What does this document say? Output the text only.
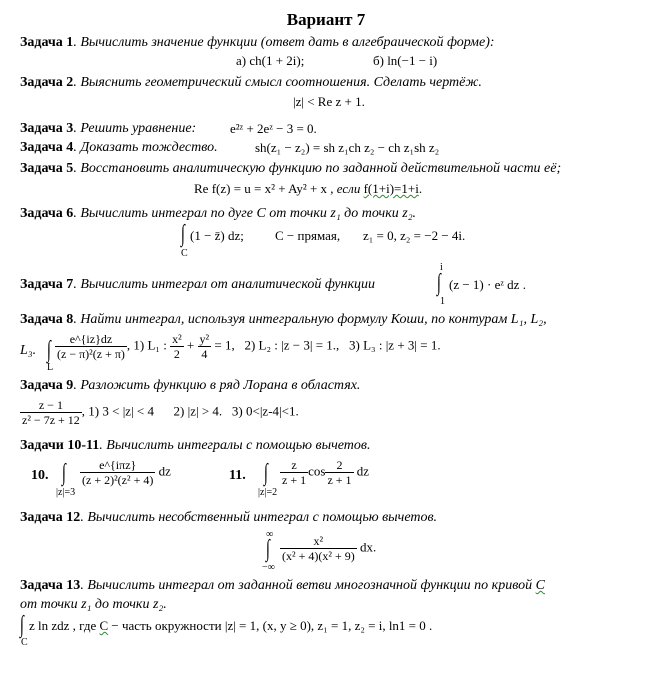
Вариант 7
Задача 1. Вычислить значение функции (ответ дать в алгебраической форме):
а) ch(1 + 2i);	б) ln(−1 − i)
Задача 2. Выяснить геометрический смысл соотношения. Сделать чертёж.
|z| < Re z + 1.
Задача 3. Решить уравнение:	e²ᶻ + 2eᶻ − 3 = 0.
Задача 4. Доказать тождество.	sh(z₁ − z₂) = sh z₁ch z₂ − ch z₁sh z₂
Задача 5. Восстановить аналитическую функцию по заданной действительной части её;
Re f(z) = u = x² + Ay² + x , если f(1+i)=1+i.
Задача 6. Вычислить интеграл по дуге С от точки z₁ до точки z₂.
∫
C
(1 − z̄) dz; C − прямая, z₁ = 0, z₂ = −2 − 4i.
Задача 7. Вычислить интеграл от аналитической функции
i
∫
1
(z − 1) · eᶻ dz .
Задача 8. Найти интеграл, используя интегральную формулу Коши, по контурам L₁, L₂,
L₃. ∫
L
$\frac{e\^{}\{iz\}dz}{\text{(z − π)²(z + π)}}$ , 1) L₁ : $\frac{\text{x²}}{2} + \frac{\text{y²}}{4} = 1$, 2) L₂ : |z − 3| = 1., 3) L₃ : |z + 3| = 1.
Задача 9. Разложить функцию в ряд Лорана в областях.
$\frac{z - 1}{\text{z² − 7z + 12}}$ , 1) 3 < |z| < 4 2) |z| > 4. 3) 0<|z-4|<1.
Задачи 10-11. Вычислить интегралы с помощью вычетов.
10. ∫
|z|=3
$\frac{\text{e\textasciicircum{}\{iπz\}}}{\text{(z + 2)²(z² + 4)}}$ dz	11. ∫
|z|=2
$\frac{z}{z + 1}$ $\cos \frac{2}{z + 1}$ dz
Задача 12. Вычислить несобственный интеграл с помощью вычетов.
∞
∫
−∞
$\frac{\text{x²}}{\text{(x² + 4)(x² + 9)}}$ dx.
Задача 13. Вычислить интеграл от заданной ветви многозначной функции по кривой С
от точки z₁ до точки z₂.
∫
C
z ln zdz , где С − часть окружности |z| = 1, (x, y ≥ 0), z₁ = 1, z₂ = i, ln1 = 0 .
